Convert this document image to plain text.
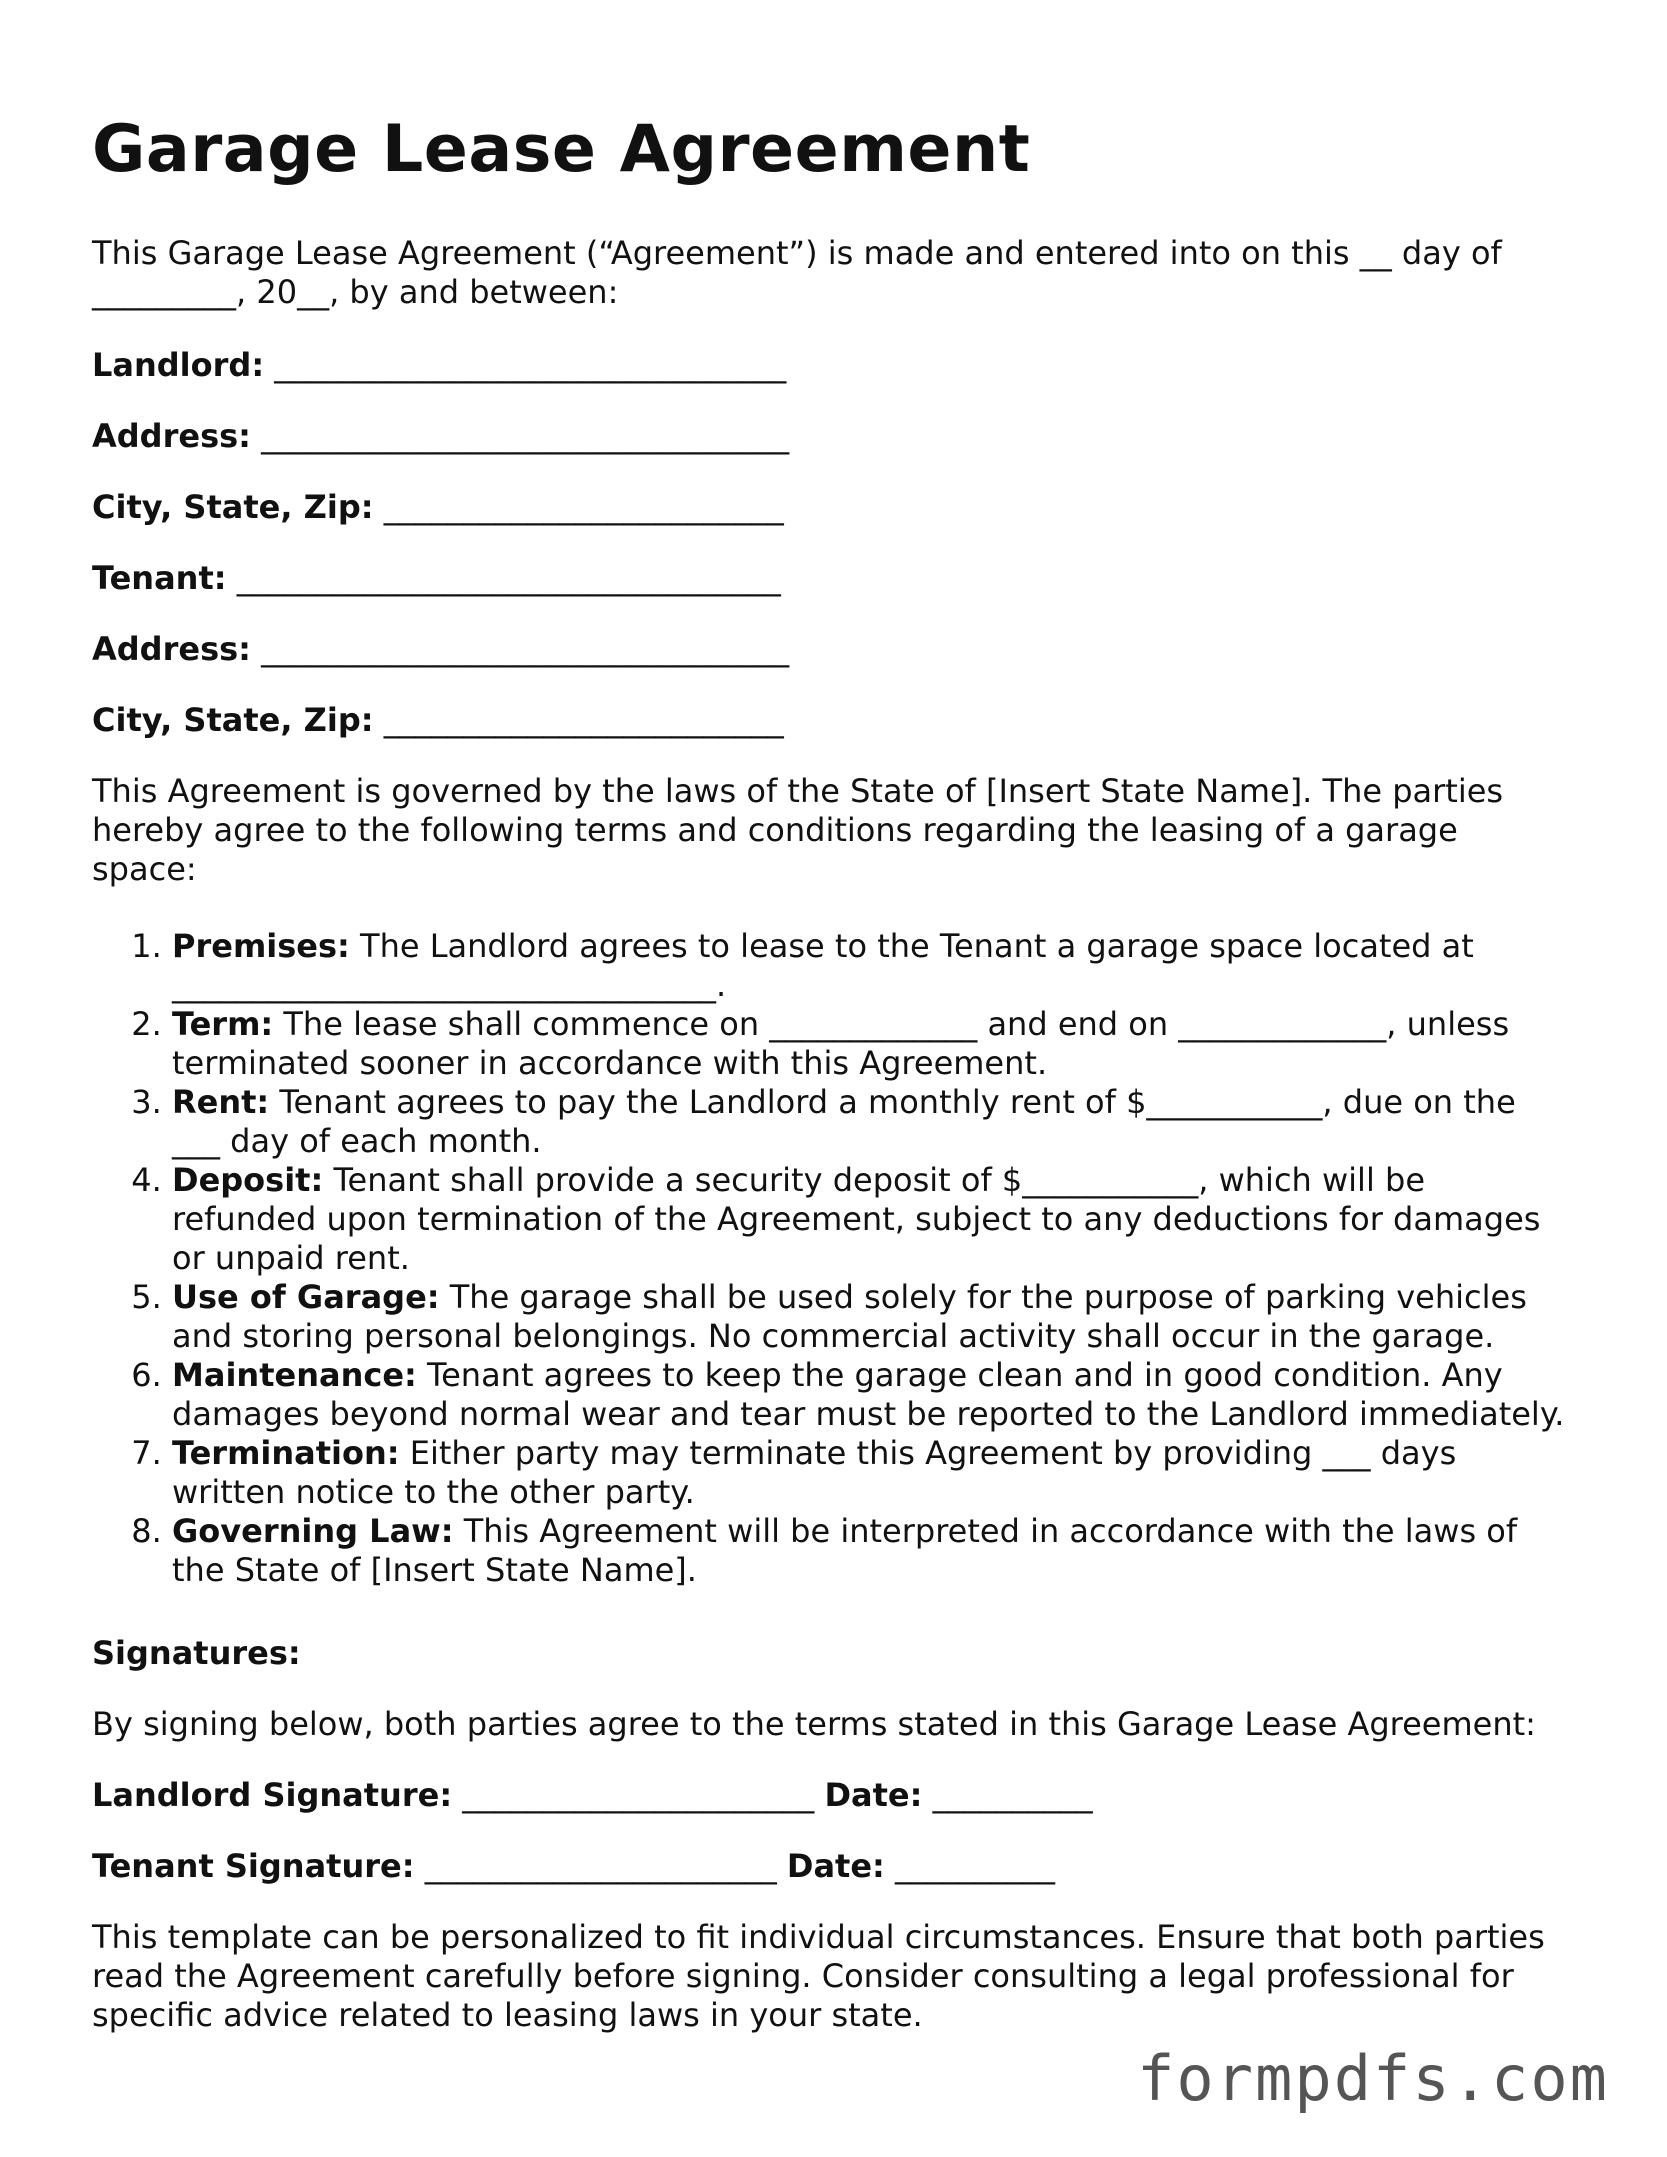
Garage Lease Agreement

This Garage Lease Agreement (“Agreement”) is made and entered into on this __ day of _________, 20__, by and between:

Landlord: ________________________________
Address: _________________________________
City, State, Zip: _________________________
Tenant: __________________________________
Address: _________________________________
City, State, Zip: _________________________

This Agreement is governed by the laws of the State of [Insert State Name]. The parties hereby agree to the following terms and conditions regarding the leasing of a garage space:

1. Premises: The Landlord agrees to lease to the Tenant a garage space located at __________________________________.
2. Term: The lease shall commence on _____________ and end on _____________, unless terminated sooner in accordance with this Agreement.
3. Rent: Tenant agrees to pay the Landlord a monthly rent of $___________, due on the ___ day of each month.
4. Deposit: Tenant shall provide a security deposit of $___________, which will be refunded upon termination of the Agreement, subject to any deductions for damages or unpaid rent.
5. Use of Garage: The garage shall be used solely for the purpose of parking vehicles and storing personal belongings. No commercial activity shall occur in the garage.
6. Maintenance: Tenant agrees to keep the garage clean and in good condition. Any damages beyond normal wear and tear must be reported to the Landlord immediately.
7. Termination: Either party may terminate this Agreement by providing ___ days written notice to the other party.
8. Governing Law: This Agreement will be interpreted in accordance with the laws of the State of [Insert State Name].
Signatures:

By signing below, both parties agree to the terms stated in this Garage Lease Agreement:

Landlord Signature: ______________________ Date: __________
Tenant Signature: ______________________ Date: __________

This template can be personalized to fit individual circumstances. Ensure that both parties read the Agreement carefully before signing. Consider consulting a legal professional for specific advice related to leasing laws in your state.

formpdfs.com
